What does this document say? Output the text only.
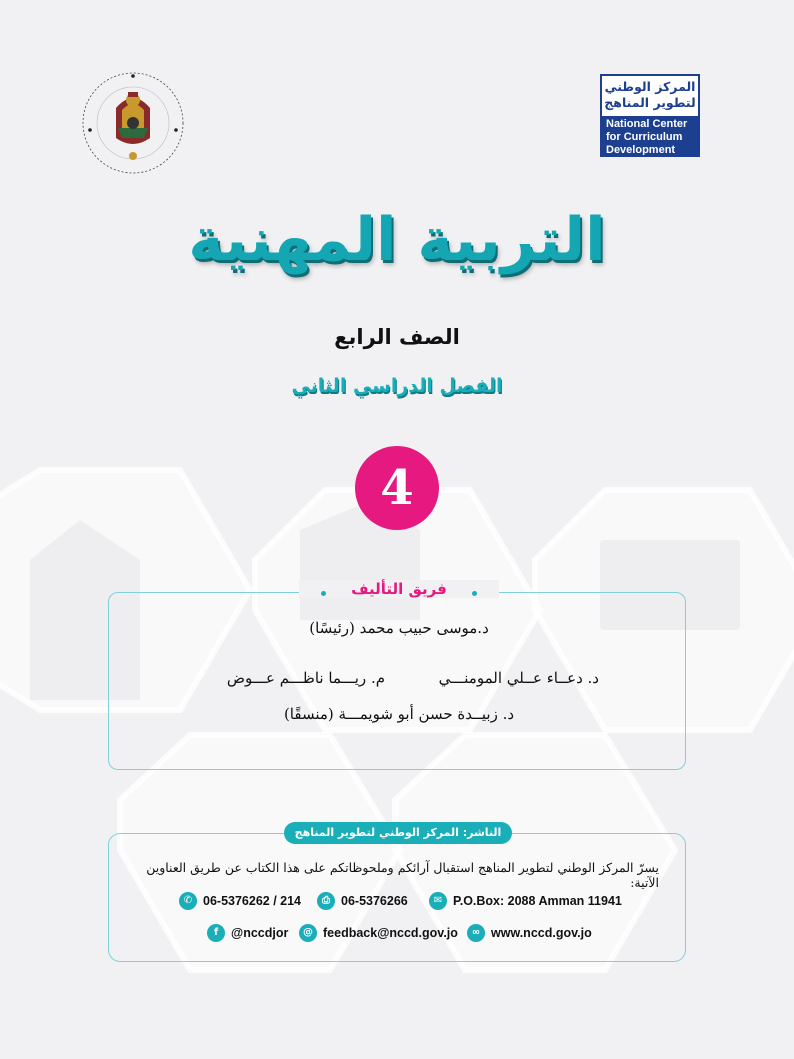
المركز الوطني
لتطوير المناهج
National Center
for Curriculum
Development
التربية المهنية
الصف الرابع
الفصل الدراسي الثاني
4
فريق التأليف
د.موسى حبيب محمد (رئيسًا)
د. دعــاء عــلي المومنـــي
م. ريـــما ناظـــم عـــوض
د. زبيــدة حسن أبو شويمـــة (منسقًا)
الناشر: المركز الوطني لتطوير المناهج
يسرّ المركز الوطني لتطوير المناهج استقبال آرائكم وملحوظاتكم على هذا الكتاب عن طريق العناوين الآتية:
✆ 06-5376262 / 214	⎙ 06-5376266	✉ P.O.Box: 2088 Amman 11941
f	@nccdjor	@ feedback@nccd.gov.jo	∞ www.nccd.gov.jo
